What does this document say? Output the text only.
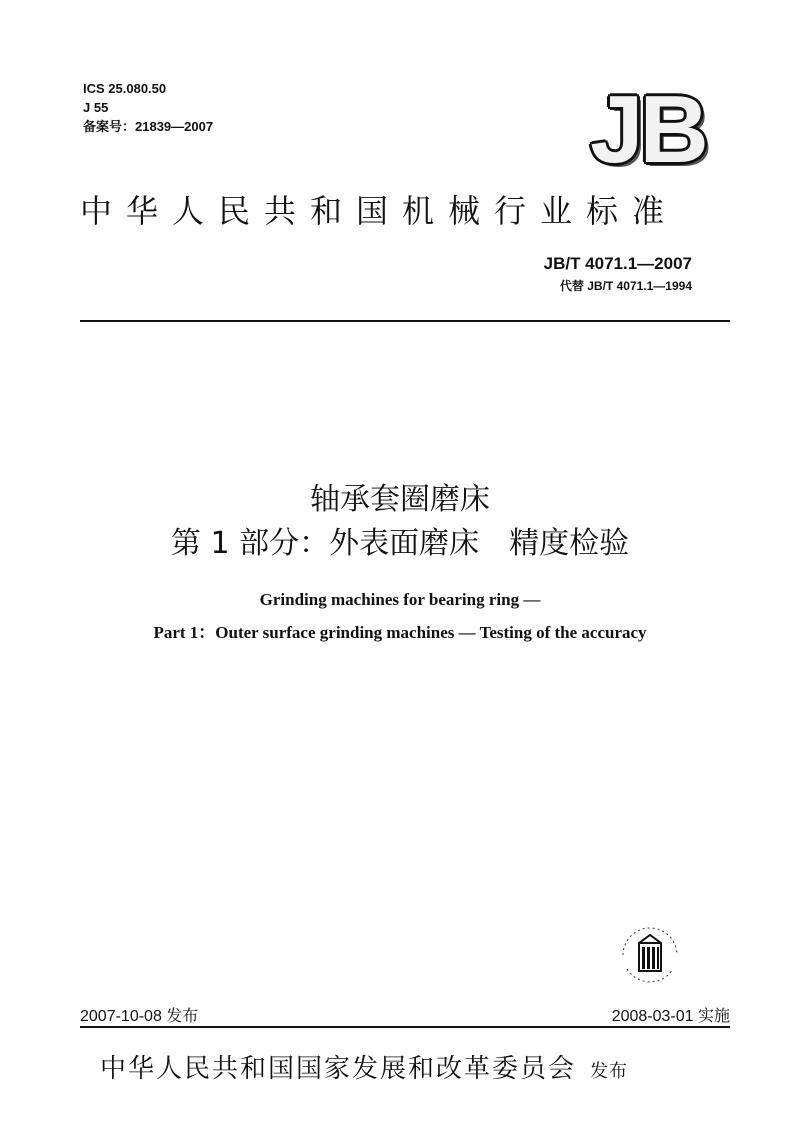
ICS 25.080.50
J 55
备案号：21839—2007	JB
中华人民共和国机械行业标准
JB/T 4071.1—2007
代替 JB/T 4071.1—1994
轴承套圈磨床
第 1 部分：外表面磨床　精度检验
Grinding machines for bearing ring —
Part 1：Outer surface grinding machines — Testing of the accuracy
2007-10-08 发布	2008-03-01 实施
中华人民共和国国家发展和改革委员会 发布
